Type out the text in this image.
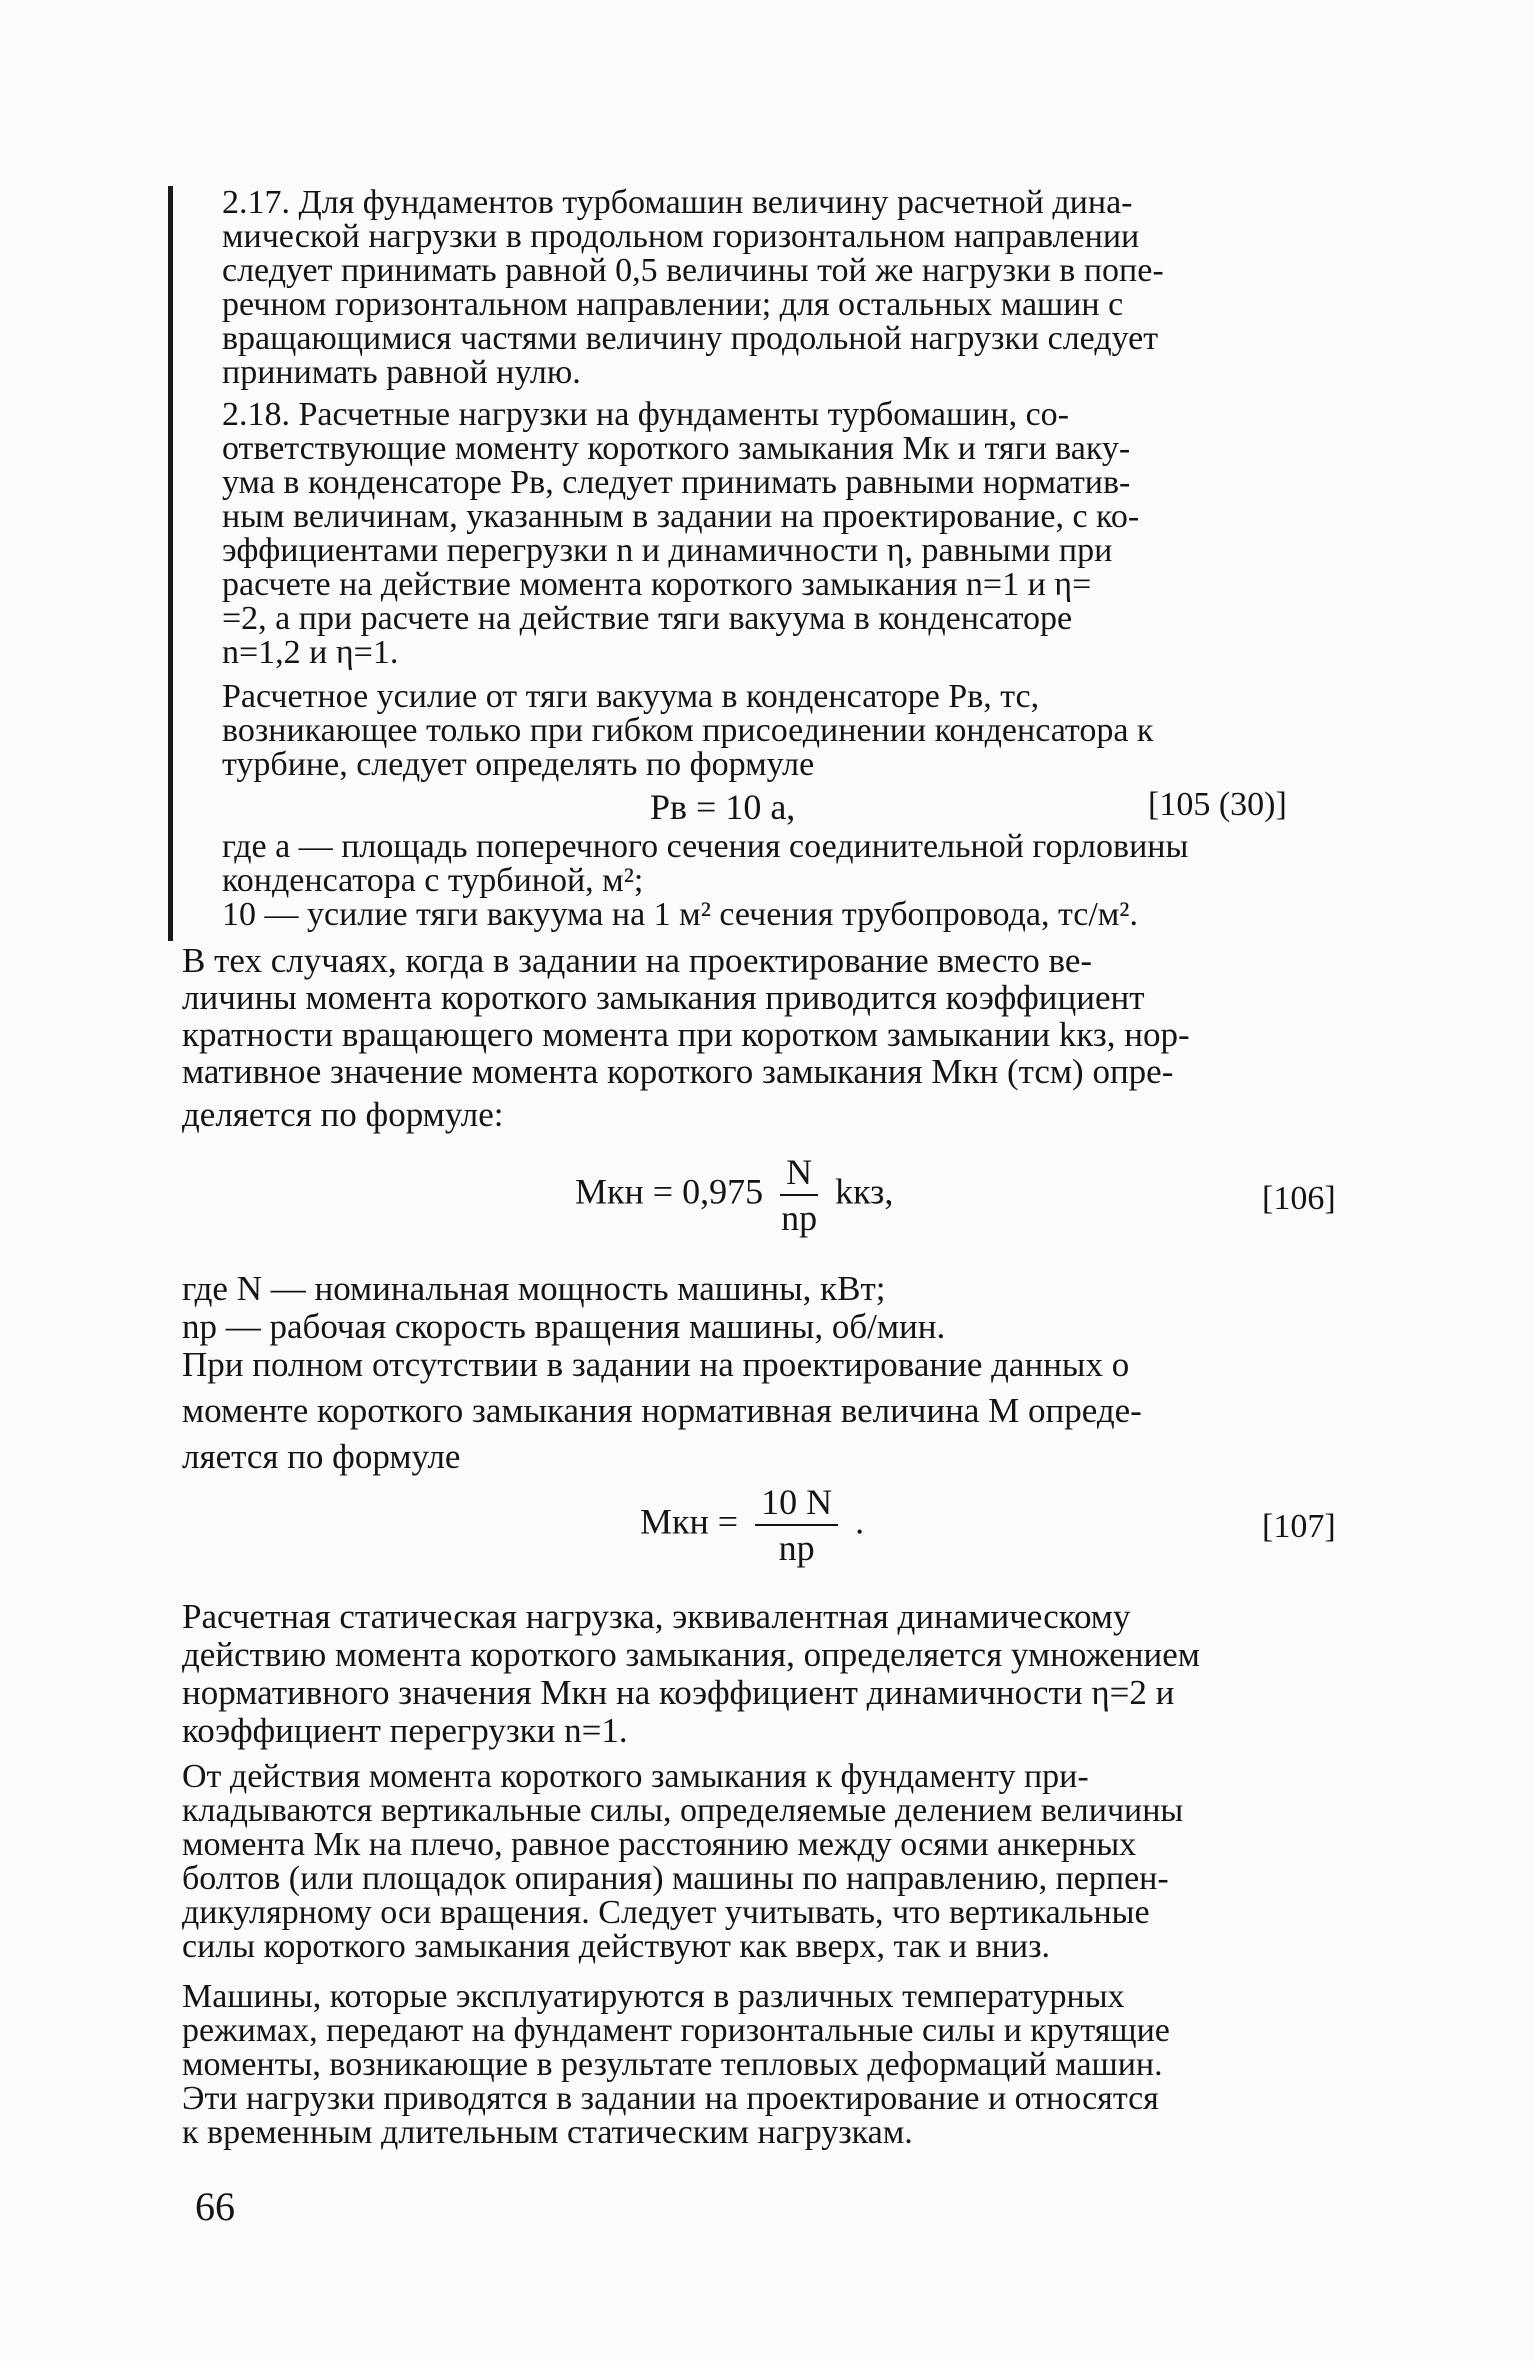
2.17. Для фундаментов турбомашин величину расчетной дина-
мической нагрузки в продольном горизонтальном направлении
следует принимать равной 0,5 величины той же нагрузки в попе-
речном горизонтальном направлении; для остальных машин с
вращающимися частями величину продольной нагрузки следует
принимать равной нулю.
2.18. Расчетные нагрузки на фундаменты турбомашин, со-
ответствующие моменту короткого замыкания Мк и тяги ваку-
ума в конденсаторе Рв, следует принимать равными норматив-
ным величинам, указанным в задании на проектирование, с ко-
эффициентами перегрузки n и динамичности η, равными при
расчете на действие момента короткого замыкания n=1 и η=
=2, а при расчете на действие тяги вакуума в конденсаторе
n=1,2 и η=1.
Расчетное усилие от тяги вакуума в конденсаторе Рв, тс,
возникающее только при гибком присоединении конденсатора к
турбине, следует определять по формуле
Рв = 10 а,	[105 (30)]
где а — площадь поперечного сечения соединительной горловины
конденсатора с турбиной, м²;
10 — усилие тяги вакуума на 1 м² сечения трубопровода, тс/м².
В тех случаях, когда в задании на проектирование вместо ве-
личины момента короткого замыкания приводится коэффициент
кратности вращающего момента при коротком замыкании kкз, нор-
мативное значение момента короткого замыкания Мкн (тсм) опре-
деляется по формуле:
Мкн = $0,975 \frac{N}{nр}$ kкз,	[106]
где N — номинальная мощность машины, кВт;
nр — рабочая скорость вращения машины, об/мин.
При полном отсутствии в задании на проектирование данных о
моменте короткого замыкания нормативная величина М опреде-
ляется по формуле
Мкн = $\frac{10 N}{nр}$ .	[107]
Расчетная статическая нагрузка, эквивалентная динамическому
действию момента короткого замыкания, определяется умножением
нормативного значения Мкн на коэффициент динамичности η=2 и
коэффициент перегрузки n=1.
От действия момента короткого замыкания к фундаменту при-
кладываются вертикальные силы, определяемые делением величины
момента Мк на плечо, равное расстоянию между осями анкерных
болтов (или площадок опирания) машины по направлению, перпен-
дикулярному оси вращения. Следует учитывать, что вертикальные
силы короткого замыкания действуют как вверх, так и вниз.
Машины, которые эксплуатируются в различных температурных
режимах, передают на фундамент горизонтальные силы и крутящие
моменты, возникающие в результате тепловых деформаций машин.
Эти нагрузки приводятся в задании на проектирование и относятся
к временным длительным статическим нагрузкам.
66
